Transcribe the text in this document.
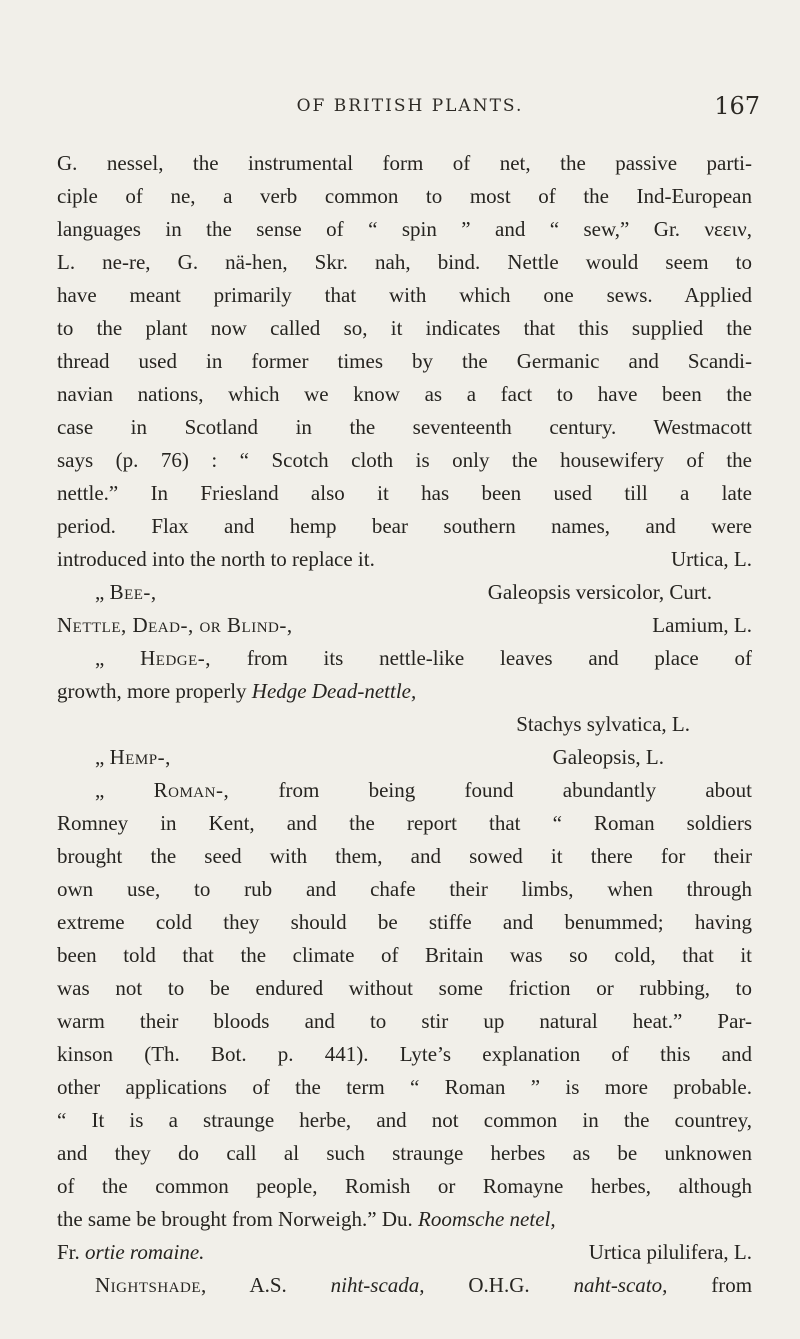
OF BRITISH PLANTS.	167
G. nessel, the instrumental form of net, the passive parti-
ciple of ne, a verb common to most of the Ind-European
languages in the sense of “ spin ” and “ sew,” Gr. νεειν,
L. ne-re, G. nä-hen, Skr. nah, bind. Nettle would seem to
have meant primarily that with which one sews. Applied
to the plant now called so, it indicates that this supplied the
thread used in former times by the Germanic and Scandi-
navian nations, which we know as a fact to have been the
case in Scotland in the seventeenth century. Westmacott
says (p. 76) : “ Scotch cloth is only the housewifery of the
nettle.” In Friesland also it has been used till a late
period. Flax and hemp bear southern names, and were
introduced into the north to replace it.	Urtica, L.
„ Bee-,	Galeopsis versicolor, Curt.
Nettle, Dead-, or Blind-,	Lamium, L.
„ Hedge-, from its nettle-like leaves and place of
growth, more properly Hedge Dead-nettle,
Stachys sylvatica, L.
„ Hemp-,	Galeopsis, L.
„ Roman-, from being found abundantly about
Romney in Kent, and the report that “ Roman soldiers
brought the seed with them, and sowed it there for their
own use, to rub and chafe their limbs, when through
extreme cold they should be stiffe and benummed; having
been told that the climate of Britain was so cold, that it
was not to be endured without some friction or rubbing, to
warm their bloods and to stir up natural heat.” Par-
kinson (Th. Bot. p. 441). Lyte’s explanation of this and
other applications of the term “ Roman ” is more probable.
“ It is a straunge herbe, and not common in the countrey,
and they do call al such straunge herbes as be unknowen
of the common people, Romish or Romayne herbes, although
the same be brought from Norweigh.” Du. Roomsche netel,
Fr. ortie romaine.	Urtica pilulifera, L.
Nightshade, A.S. niht-scada, O.H.G. naht-scato, from
